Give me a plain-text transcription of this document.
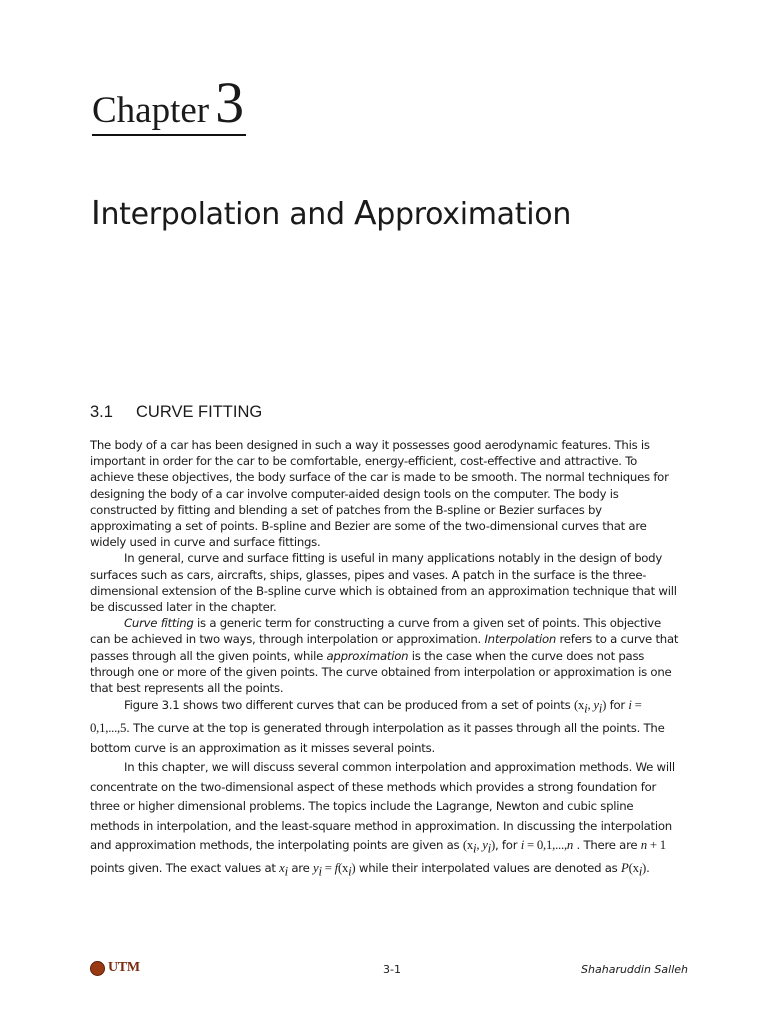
Chapter 3
Interpolation and Approximation
3.1 CURVE FITTING

The body of a car has been designed in such a way it possesses good aerodynamic features. This is important in order for the car to be comfortable, energy-efficient, cost-effective and attractive. To achieve these objectives, the body surface of the car is made to be smooth. The normal techniques for designing the body of a car involve computer-aided design tools on the computer. The body is constructed by fitting and blending a set of patches from the B-spline or Bezier surfaces by approximating a set of points. B-spline and Bezier are some of the two-dimensional curves that are widely used in curve and surface fittings.

In general, curve and surface fitting is useful in many applications notably in the design of body surfaces such as cars, aircrafts, ships, glasses, pipes and vases. A patch in the surface is the three-dimensional extension of the B-spline curve which is obtained from an approximation technique that will be discussed later in the chapter.

Curve fitting is a generic term for constructing a curve from a given set of points. This objective can be achieved in two ways, through interpolation or approximation. Interpolation refers to a curve that passes through all the given points, while approximation is the case when the curve does not pass through one or more of the given points. The curve obtained from interpolation or approximation is one that best represents all the points.

Figure 3.1 shows two different curves that can be produced from a set of points ($x_i$, $y_i$) for i = 0,1,...,5. The curve at the top is generated through interpolation as it passes through all the points. The bottom curve is an approximation as it misses several points.

In this chapter, we will discuss several common interpolation and approximation methods. We will concentrate on the two-dimensional aspect of these methods which provides a strong foundation for three or higher dimensional problems. The topics include the Lagrange, Newton and cubic spline methods in interpolation, and the least-square method in approximation. In discussing the interpolation and approximation methods, the interpolating points are given as ($x_i$, $y_i$), for i = 0,1,...,n . There are n + 1 points given. The exact values at $x_i$ are $y_i = f(x_i)$ while their interpolated values are denoted as $P(x_i)$.

UTM	3-1	Shaharuddin Salleh
